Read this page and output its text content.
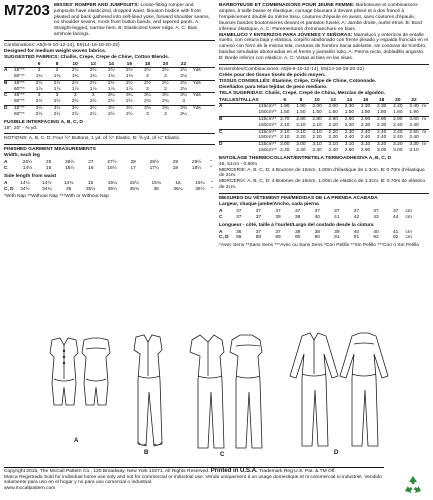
M7203 MISSES' ROMPER AND JUMPSUITS: Loose-fitting romper and jumpsuits have elasticized, dropped waist, blouson bodice with front pleated and back gathered into self-lined yoke, forward shoulder seams, no shoulder seams, mock front button bands, and tapered pants. A: Straight-legged, narrow hem. B: Elasticized lower edge. A, C: Bias armhole facings.

Combinations: A5(6-8-10-12-14), E5(14-16-18-20-22)

Designed for medium weight woven fabrics.

SUGGESTED FABRICS: Challis, Crepe, Crepe de Chine, Cotton Blends.

		6	8	10	12	14	16	18	20	22	
A	45"**	2	2	2½	2½	2½	2½	2½	2½	2½	Yds
	60"**	1¾	1¾	1¾	1¾	1¾	1¾	2	2	2⅛	
B	45"**	2½	2½	2½	2½	2½	2½	2½	2½	2½	Yds
	60"**	1⅞	1⅞	1⅞	1⅞	1⅞	1⅞	2	2	2⅛	
C	45"**	3	3	3	3	3¼	3¼	3¼	3½	3½	Yds
	60"**	2½	2½	2½	2½	2½	2½	2¾	2¾	3	
D	45"**	3½	3½	3½	3½	3½	3½	3¾	3¾	3¾	Yds
	60"**	2½	2½	2½	2½	2½	2½	3	3	3¼	

FUSIBLE INTERFACING A, B, C, D

18", 20" - ⅜ yd.

NOTIONS: A, B, C, D: Four ½" Buttons, 1 yd. of ½" Elastic. B: ⅝ yd. of ¼" Elastic.

FINISHED GARMENT MEASUREMENTS

Width, each leg

A	25½	26	26½	27	27½	28	28½	29	29½	"
C	14½	15	15½	16	16½	17	17½	18	18½	"

Side length from waist

A	14¼	14½	14¾	15	15¼	15½	15¾	16	16¼	"
C, D	34½	34¾	35	35¼	35½	35¾	36	36¼	36½	"

*With Nap **Without Nap ***With or Without Nap

BARBOTEUSE ET COMBINAISONS POUR JEUNE FEMME: Barboteuse et combinaisons amples, à taille basse et élastique, corsage blousant à devant plissé et à dos froncé à l'empiècement doublé du même tissu, coutures d'épaule en avant, sans coutures d'épaule, fausses bandes boutonnières devant et pantalon fuselé. A: Jambe droite, ourlet étroit. B: Bord inférieur élastique. A, C: Parementures d'emmanchure en biais.

MAMELUCO Y ENTERIZOS PARA JÓVENES Y SEÑORAS: Mameluco y enterizos de entalle suelto, con cintura baja y elástica, corpiño abullonado con frente plisado y espalda fruncida en el canesú con forro de la misma tela, costuras de hombro hacia adelante, sin costuras de hombro, bandas simuladas abotonadas en el frente y pantalón tubo. A: Pierna recta, dobladillo angosto. B: Borde inferior con elástico. A, C: Vistas al bies en las sisas.

Ensembles/Combinaciones: A5(6-8-10-12-14), E5(14-16-18-20-22)

Créés pour des tissus tissés de poids moyen.

TISSUS CONSEILLÉS: Étamine, Crêpe, Crêpe de Chine, Cotonnade.

Diseñados para telas tejidas de peso mediano.

TELA SUGERIDAS: Chalís, Crepé, Crepé de China, Mezclas de algodón.

TAILLES/TALLAS		6	8	10	12	14	16	18	20	22	
A	115cm**	1.90	1.90	2.00	2.00	2.30	2.30	2.30	2.40	2.40	m
	150cm**	1.50	1.50	1.50	1.50	1.50	1.50	1.80	1.80	1.90	
B	115cm**	2.70	2.80	2.80	2.90	2.90	2.90	2.90	2.90	3.00	m
	150cm**	2.10	2.10	2.10	2.20	2.20	2.30	2.30	2.40	2.40	
C	115cm**	2.10	2.10	2.10	2.20	2.30	2.40	2.40	2.40	2.50	m
	150cm**	2.10	2.20	2.20	2.30	2.40	2.40	2.40	2.40	2.40	
D	115cm**	3.00	3.00	3.10	3.10	3.10	3.10	3.20	3.20	3.30	m
	150cm**	2.40	2.40	2.40	2.40	2.80	2.90	3.00	3.00	3.10	

ENTOILAGE THERMOCOLLANT/ENTRETELA TERMOADHESIVA A, B, C, D

46, 51cm - 0.80m

MERCERIE: A, B, C, D: 4 Boutons de 16mm, 1.00m d'élastique de 1.3cm. B: 0.70m d'élastique de 2cm.

MERCERÍA: A, B, C, D: 4 Botones de 16mm, 1.00m de elástico de 1.3cm. B: 0.70m de elástico de 2cm.

MESURES DU VÊTEMENT FINI/MEDIDAS DE LA PRENDA ACABADA

Largeur, chaque jambe/Ancho, cada pierna

A	37	37	37	37	37	37	37	37	37	cm
C	37	37	38	39	40	41	42	43	44	cm

Longueur - côté, taille à l'ourlet/Largo del costado desde la cintura

A	36	37	37	38	38	39	40	40	41	cm
C, D	88	88	89	90	90	91	91	92	92	cm

*Avec Sens **Sans Sens ***Avec ou Sans Sens *Con Pelillo **Sin Pelillo ***Con o Sin Pelillo

A
B	C	D

Copyright 2015, The McCall Pattern Co., 120 Broadway, New York 10271. All Rights Reserved. Printed in U.S.A. Trademark Reg U.S. Pat. & TM Off.

Marca Registrada Sold for individual home use only and not for commercial or industrial use. Vendu uniquement à un usage domestique et ni commercial ni industriel. Vendido solamente para uso en el hogar y no para uso comercial o industrial.

www.mccallpattern.com
